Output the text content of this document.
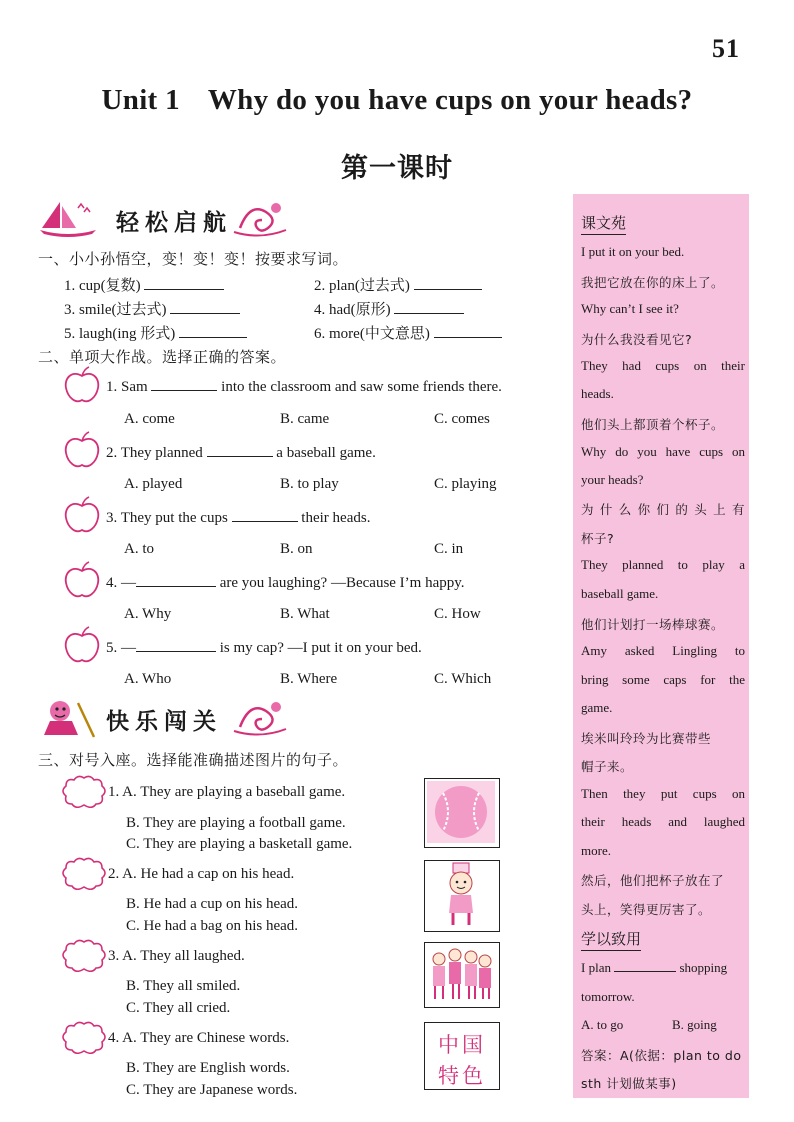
51
Unit 1 Why do you have cups on your heads?
第一课时
轻松启航
一、小小孙悟空，变！变！变！按要求写词。
1. cup(复数)	2. plan(过去式)
3. smile(过去式)	4. had(原形)
5. laugh(ing 形式)	6. more(中文意思)
二、单项大作战。选择正确的答案。
1. Sam	into the classroom and saw some friends there.
A. come	B. came	C. comes
2. They planned	a baseball game.
A. played	B. to play	C. playing
3. They put the cups	their heads.
A. to	B. on	C. in
4. —	are you laughing? —Because I’m happy.
A. Why	B. What	C. How
5. —	is my cap? —I put it on your bed.
A. Who	B. Where	C. Which
快乐闯关
三、对号入座。选择能准确描述图片的句子。
1. A. They are playing a baseball game.
B. They are playing a football game.
C. They are playing a basketall game.
2. A. He had a cap on his head.
B. He had a cup on his head.
C. He had a bag on his head.
3. A. They all laughed.
B. They all smiled.
C. They all cried.
4. A. They are Chinese words.
B. They are English words.
C. They are Japanese words.
中国
特色
课文苑
I put it on your bed.
我把它放在你的床上了。
Why can’t I see it?
为什么我没看见它?
They had cups on their
heads.
他们头上都顶着个杯子。
Why do you have cups on
your heads?
为什么你们的头上有
杯子?
They planned to play a
baseball game.
他们计划打一场棒球赛。
Amy asked Lingling to
bring some caps for the
game.
埃米叫玲玲为比赛带些
帽子来。
Then they put cups on
their heads and laughed
more.
然后，他们把杯子放在了
头上，笑得更厉害了。
学以致用
I plan	shopping
tomorrow.
A. to go	B. going
答案：A(依据：plan to do
sth 计划做某事)
